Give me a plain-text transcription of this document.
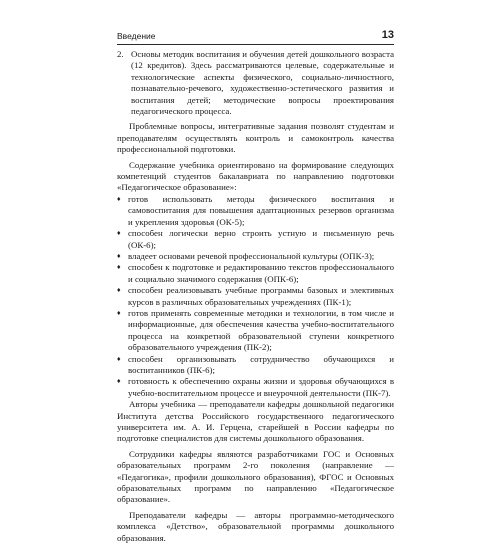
Введение	13
2. Основы методик воспитания и обучения детей дошкольного возраста (12 кредитов). Здесь рассматриваются целевые, содержательные и технологические аспекты физического, социально-личностного, познавательно-речевого, художественно-эстетического развития и воспитания детей; методические вопросы проектирования педагогического процесса.

Проблемные вопросы, интегративные задания позволят студентам и преподавателям осуществлять контроль и самоконтроль качества профессиональной подготовки.

Содержание учебника ориентировано на формирование следующих компетенций студентов бакалавриата по направлению подготовки «Педагогическое образование»:

♦ готов использовать методы физического воспитания и самовоспитания для повышения адаптационных резервов организма и укрепления здоровья (ОК-5);
♦ способен логически верно строить устную и письменную речь (ОК-6);
♦ владеет основами речевой профессиональной культуры (ОПК-3);
♦ способен к подготовке и редактированию текстов профессионального и социально значимого содержания (ОПК-6);
♦ способен реализовывать учебные программы базовых и элективных курсов в различных образовательных учреждениях (ПК-1);
♦ готов применять современные методики и технологии, в том числе и информационные, для обеспечения качества учебно-воспитательного процесса на конкретной образовательной ступени конкретного образовательного учреждения (ПК-2);
♦ способен организовывать сотрудничество обучающихся и воспитанников (ПК-6);
♦ готовность к обеспечению охраны жизни и здоровья обучающихся в учебно-воспитательном процессе и внеурочной деятельности (ПК-7).

Авторы учебника — преподаватели кафедры дошкольной педагогики Института детства Российского государственного педагогического университета им. А. И. Герцена, старейшей в России кафедры по подготовке специалистов для системы дошкольного образования.

Сотрудники кафедры являются разработчиками ГОС и Основных образовательных программ 2-го поколения (направление — «Педагогика», профили дошкольного образования), ФГОС и Основных образовательных программ по направлению «Педагогическое образование».

Преподаватели кафедры — авторы программно-методического комплекса «Детство», образовательной программы дошкольного образования.
